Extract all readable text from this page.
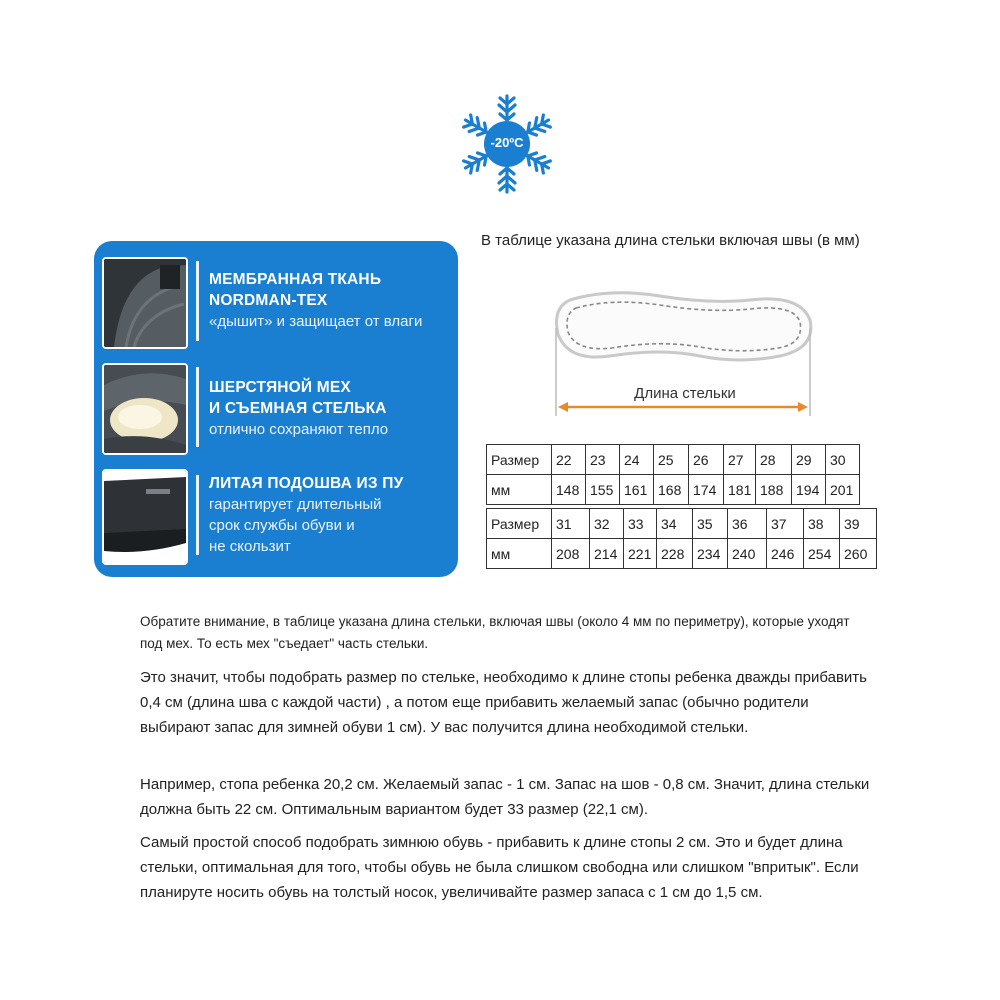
-20ºC
МЕМБРАННАЯ ТКАНЬ
NORDMAN-TEX
«дышит» и защищает от влаги
ШЕРСТЯНОЙ МЕХ
И СЪЕМНАЯ СТЕЛЬКА
отлично сохраняют тепло
ЛИТАЯ ПОДОШВА ИЗ ПУ
гарантирует длительный
срок службы обуви и
не скользит
В таблице указана длина стельки включая швы (в мм)
Длина стельки
Размер	22	23	24	25	26	27	28	29	30
мм	148	155	161	168	174	181	188	194	201
Размер	31	32	33	34	35	36	37	38	39
мм	208	214	221	228	234	240	246	254	260
Обратите внимание, в таблице указана длина стельки, включая швы (около 4 мм по периметру), которые уходят под мех. То есть мех "съедает" часть стельки.
Это значит, чтобы подобрать размер по стельке, необходимо к длине стопы ребенка дважды прибавить 0,4 см (длина шва с каждой части) , а потом еще прибавить желаемый запас (обычно родители выбирают запас для зимней обуви 1 см). У вас получится длина необходимой стельки.
Например, стопа ребенка 20,2 см. Желаемый запас - 1 см. Запас на шов - 0,8 см. Значит, длина стельки должна быть 22 см. Оптимальным вариантом будет 33 размер (22,1 см).
Самый простой способ подобрать зимнюю обувь - прибавить к длине стопы 2 см. Это и будет длина стельки, оптимальная для того, чтобы обувь не была слишком свободна или слишком "впритык". Если планируте носить обувь на толстый носок, увеличивайте размер запаса с 1 см до 1,5 см.
